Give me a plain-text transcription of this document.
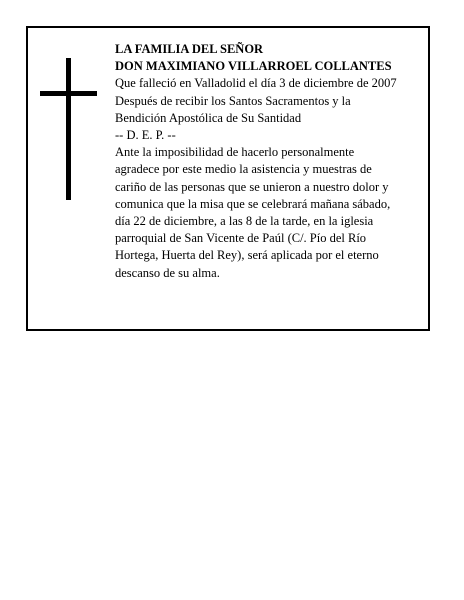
LA FAMILIA DEL SEÑOR

DON MAXIMIANO VILLARROEL COLLANTES

Que falleció en Valladolid el día 3 de diciembre de 2007

Después de recibir los Santos Sacramentos y la

Bendición Apostólica de Su Santidad

-- D. E. P. --

Ante la imposibilidad de hacerlo personalmente

agradece por este medio la asistencia y muestras de

cariño de las personas que se unieron a nuestro dolor y

comunica que la misa que se celebrará mañana sábado,

día 22 de diciembre, a las 8 de la tarde, en la iglesia

parroquial de San Vicente de Paúl (C/. Pío del Río

Hortega, Huerta del Rey), será aplicada por el eterno

descanso de su alma.
